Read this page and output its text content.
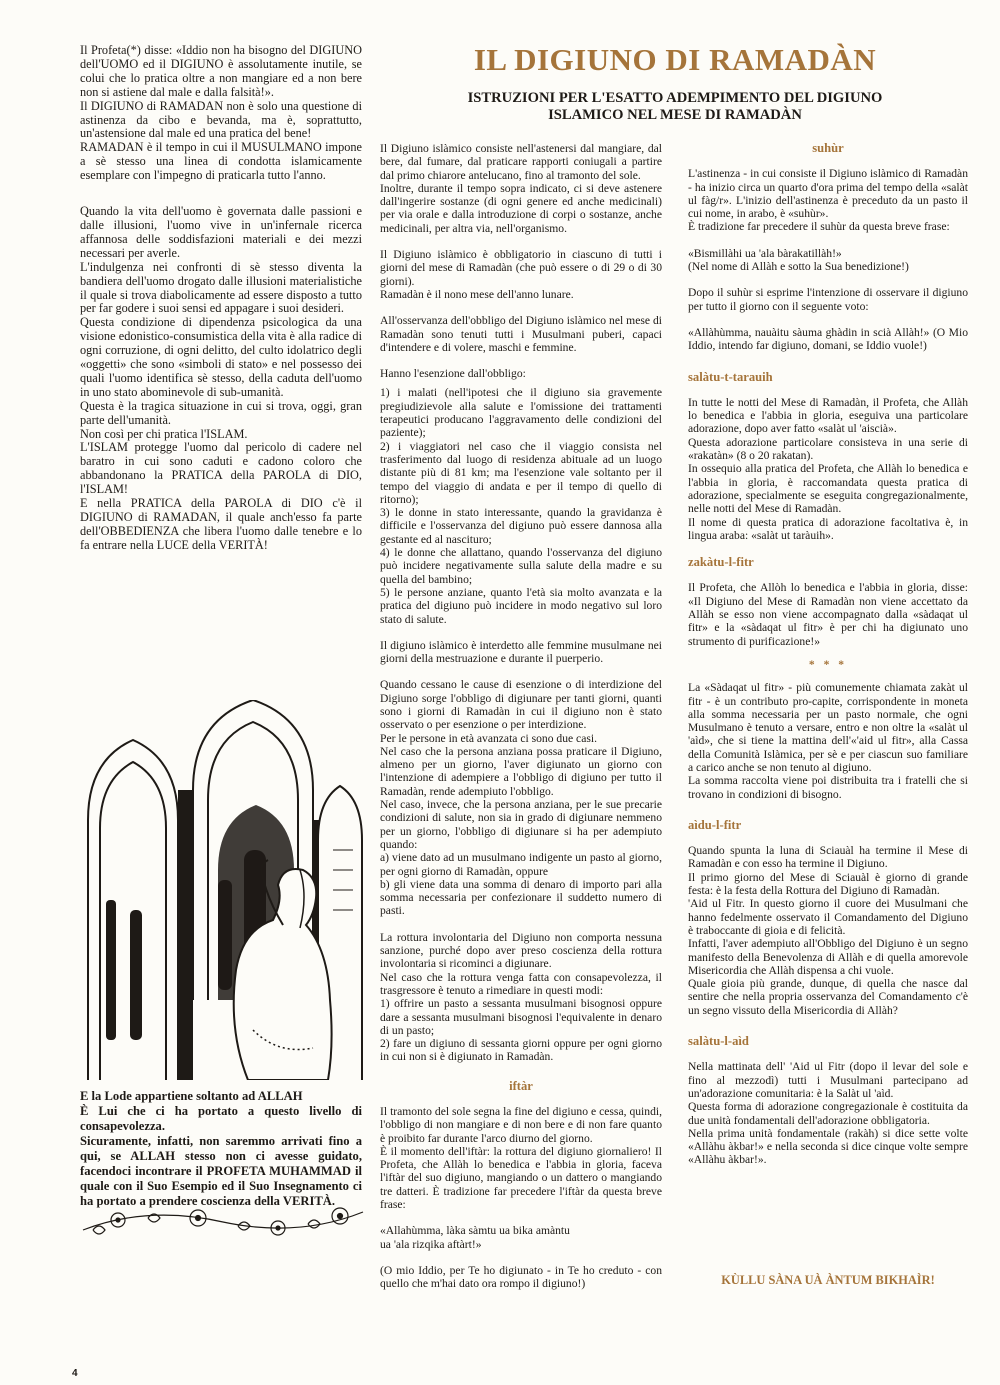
Il Profeta(*) disse: «Iddio non ha bisogno del DIGIUNO dell'UOMO ed il DIGIUNO è assolutamente inutile, se colui che lo pratica oltre a non mangiare ed a non bere non si astiene dal male e dalla falsità!».

Il DIGIUNO di RAMADAN non è solo una questione di astinenza da cibo e bevanda, ma è, soprattutto, un'astensione dal male ed una pratica del bene!

RAMADAN è il tempo in cui il MUSULMANO impone a sè stesso una linea di condotta islamicamente esemplare con l'impegno di praticarla tutto l'anno.

Quando la vita dell'uomo è governata dalle passioni e dalle illusioni, l'uomo vive in un'infernale ricerca affannosa delle soddisfazioni materiali e dei mezzi necessari per averle.

L'indulgenza nei confronti di sè stesso diventa la bandiera dell'uomo drogato dalle illusioni materialistiche il quale si trova diabolicamente ad essere disposto a tutto per far godere i suoi sensi ed appagare i suoi desideri.

Questa condizione di dipendenza psicologica da una visione edonistico-consumistica della vita è alla radice di ogni corruzione, di ogni delitto, del culto idolatrico degli «oggetti» che sono «simboli di stato» e nel possesso dei quali l'uomo identifica sè stesso, della caduta dell'uomo in uno stato abominevole di sub-umanità.

Questa è la tragica situazione in cui si trova, oggi, gran parte dell'umanità.

Non così per chi pratica l'ISLAM.

L'ISLAM protegge l'uomo dal pericolo di cadere nel baratro in cui sono caduti e cadono coloro che abbandonano la PRATICA della PAROLA di DIO, l'ISLAM!

E nella PRATICA della PAROLA di DIO c'è il DIGIUNO di RAMADAN, il quale anch'esso fa parte dell'OBBEDIENZA che libera l'uomo dalle tenebre e lo fa entrare nella LUCE della VERITÀ!

E la Lode appartiene soltanto ad ALLAH

È Lui che ci ha portato a questo livello di consapevolezza.

Sicuramente, infatti, non saremmo arrivati fino a qui, se ALLAH stesso non ci avesse guidato, facendoci incontrare il PROFETA MUHAMMAD il quale con il Suo Esempio ed il Suo Insegnamento ci ha portato a prendere coscienza della VERITÀ.

IL DIGIUNO DI RAMADÀN
ISTRUZIONI PER L'ESATTO ADEMPIMENTO DEL DIGIUNO
ISLAMICO NEL MESE DI RAMADÀN

Il Digiuno islàmico consiste nell'astenersi dal mangiare, dal bere, dal fumare, dal praticare rapporti coniugali a partire dal primo chiarore antelucano, fino al tramonto del sole.

Inoltre, durante il tempo sopra indicato, ci si deve astenere dall'ingerire sostanze (di ogni genere ed anche medicinali) per via orale e dalla introduzione di corpi o sostanze, anche medicinali, per altra via, nell'organismo.

Il Digiuno islàmico è obbligatorio in ciascuno di tutti i giorni del mese di Ramadàn (che può essere o di 29 o di 30 giorni).

Ramadàn è il nono mese dell'anno lunare.

All'osservanza dell'obbligo del Digiuno islàmico nel mese di Ramadàn sono tenuti tutti i Musulmani puberi, capaci d'intendere e di volere, maschi e femmine.

Hanno l'esenzione dall'obbligo:

1) i malati (nell'ipotesi che il digiuno sia gravemente pregiudizievole alla salute e l'omissione dei trattamenti terapeutici producano l'aggravamento delle condizioni del paziente);

2) i viaggiatori nel caso che il viaggio consista nel trasferimento dal luogo di residenza abituale ad un luogo distante più di 81 km; ma l'esenzione vale soltanto per il tempo del viaggio di andata e per il tempo di quello di ritorno);

3) le donne in stato interessante, quando la gravidanza è difficile e l'osservanza del digiuno può essere dannosa alla gestante ed al nascituro;

4) le donne che allattano, quando l'osservanza del digiuno può incidere negativamente sulla salute della madre e su quella del bambino;

5) le persone anziane, quanto l'età sia molto avanzata e la pratica del digiuno può incidere in modo negativo sul loro stato di salute.

Il digiuno islàmico è interdetto alle femmine musulmane nei giorni della mestruazione e durante il puerperio.

Quando cessano le cause di esenzione o di interdizione del Digiuno sorge l'obbligo di digiunare per tanti giorni, quanti sono i giorni di Ramadàn in cui il digiuno non è stato osservato o per esenzione o per interdizione.

Per le persone in età avanzata ci sono due casi.

Nel caso che la persona anziana possa praticare il Digiuno, almeno per un giorno, l'aver digiunato un giorno con l'intenzione di adempiere a l'obbligo di digiuno per tutto il Ramadàn, rende adempiuto l'obbligo.

Nel caso, invece, che la persona anziana, per le sue precarie condizioni di salute, non sia in grado di digiunare nemmeno per un giorno, l'obbligo di digiunare si ha per adempiuto quando:

a) viene dato ad un musulmano indigente un pasto al giorno, per ogni giorno di Ramadàn, oppure

b) gli viene data una somma di denaro di importo pari alla somma necessaria per confezionare il suddetto numero di pasti.

La rottura involontaria del Digiuno non comporta nessuna sanzione, purché dopo aver preso coscienza della rottura involontaria si ricominci a digiunare.

Nel caso che la rottura venga fatta con consapevolezza, il trasgressore è tenuto a rimediare in questi modi:

1) offrire un pasto a sessanta musulmani bisognosi oppure dare a sessanta musulmani bisognosi l'equivalente in denaro di un pasto;

2) fare un digiuno di sessanta giorni oppure per ogni giorno in cui non si è digiunato in Ramadàn.

iftàr

Il tramonto del sole segna la fine del digiuno e cessa, quindi, l'obbligo di non mangiare e di non bere e di non fare quanto è proibito far durante l'arco diurno del giorno.

È il momento dell'iftàr: la rottura del digiuno giornaliero! Il Profeta, che Allàh lo benedica e l'abbia in gloria, faceva l'iftàr del suo digiuno, mangiando o un dattero o mangiando tre datteri. È tradizione far precedere l'iftàr da questa breve frase:

«Allahùmma, làka sàmtu ua bika amàntu

ua 'ala rizqika aftàrt!»

(O mio Iddio, per Te ho digiunato - in Te ho creduto - con quello che m'hai dato ora rompo il digiuno!)

suhùr

L'astinenza - in cui consiste il Digiuno islàmico di Ramadàn - ha inizio circa un quarto d'ora prima del tempo della «salàt ul fàg/r». L'inizio dell'astinenza è preceduto da un pasto il cui nome, in arabo, è «suhùr».

È tradizione far precedere il suhùr da questa breve frase:

«Bismillàhi ua 'ala bàrakatillàh!»

(Nel nome di Allàh e sotto la Sua benedizione!)

Dopo il suhùr si esprime l'intenzione di osservare il digiuno per tutto il giorno con il seguente voto:

«Allàhùmma, nauàitu sàuma ghàdin in scià Allàh!» (O Mio Iddio, intendo far digiuno, domani, se Iddio vuole!)

salàtu-t-tarauih

In tutte le notti del Mese di Ramadàn, il Profeta, che Allàh lo benedica e l'abbia in gloria, eseguiva una particolare adorazione, dopo aver fatto «salàt ul 'aiscià».

Questa adorazione particolare consisteva in una serie di «rakatàn» (8 o 20 rakatan).

In ossequio alla pratica del Profeta, che Allàh lo benedica e l'abbia in gloria, è raccomandata questa pratica di adorazione, specialmente se eseguita congregazionalmente, nelle notti del Mese di Ramadàn.

Il nome di questa pratica di adorazione facoltativa è, in lingua araba: «salàt ut taràuih».

zakàtu-l-fitr

Il Profeta, che Allòh lo benedica e l'abbia in gloria, disse: «Il Digiuno del Mese di Ramadàn non viene accettato da Allàh se esso non viene accompagnato dalla «sàdaqat ul fitr» e la «sàdaqat ul fitr» è per chi ha digiunato uno strumento di purificazione!»

* * *

La «Sàdaqat ul fitr» - più comunemente chiamata zakàt ul fitr - è un contributo pro-capite, corrispondente in moneta alla somma necessaria per un pasto normale, che ogni Musulmano è tenuto a versare, entro e non oltre la «salàt ul 'aìd», che si tiene la mattina dell'«'aid ul fitr», alla Cassa della Comunità Islàmica, per sè e per ciascun suo familiare a carico anche se non tenuto al digiuno.

La somma raccolta viene poi distribuita tra i fratelli che si trovano in condizioni di bisogno.

aìdu-l-fitr

Quando spunta la luna di Sciauàl ha termine il Mese di Ramadàn e con esso ha termine il Digiuno.

Il primo giorno del Mese di Sciauàl è giorno di grande festa: è la festa della Rottura del Digiuno di Ramadàn.

'Aid ul Fitr. In questo giorno il cuore dei Musulmani che hanno fedelmente osservato il Comandamento del Digiuno è traboccante di gioia e di felicità.

Infatti, l'aver adempiuto all'Obbligo del Digiuno è un segno manifesto della Benevolenza di Allàh e di quella amorevole Misericordia che Allàh dispensa a chi vuole.

Quale gioia più grande, dunque, di quella che nasce dal sentire che nella propria osservanza del Comandamento c'è un segno vissuto della Misericordia di Allàh?

salàtu-l-aìd

Nella mattinata dell' 'Aid ul Fitr (dopo il levar del sole e fino al mezzodì) tutti i Musulmani partecipano ad un'adorazione comunitaria: è la Salàt ul 'aìd.

Questa forma di adorazione congregazionale è costituita da due unità fondamentali dell'adorazione obbligatoria.

Nella prima unità fondamentale (rakàh) si dice sette volte «Allàhu àkbar!» e nella seconda si dice cinque volte sempre «Allàhu àkbar!».

KÙLLU SÀNA UÀ ÀNTUM BIKHAÌR!
4
